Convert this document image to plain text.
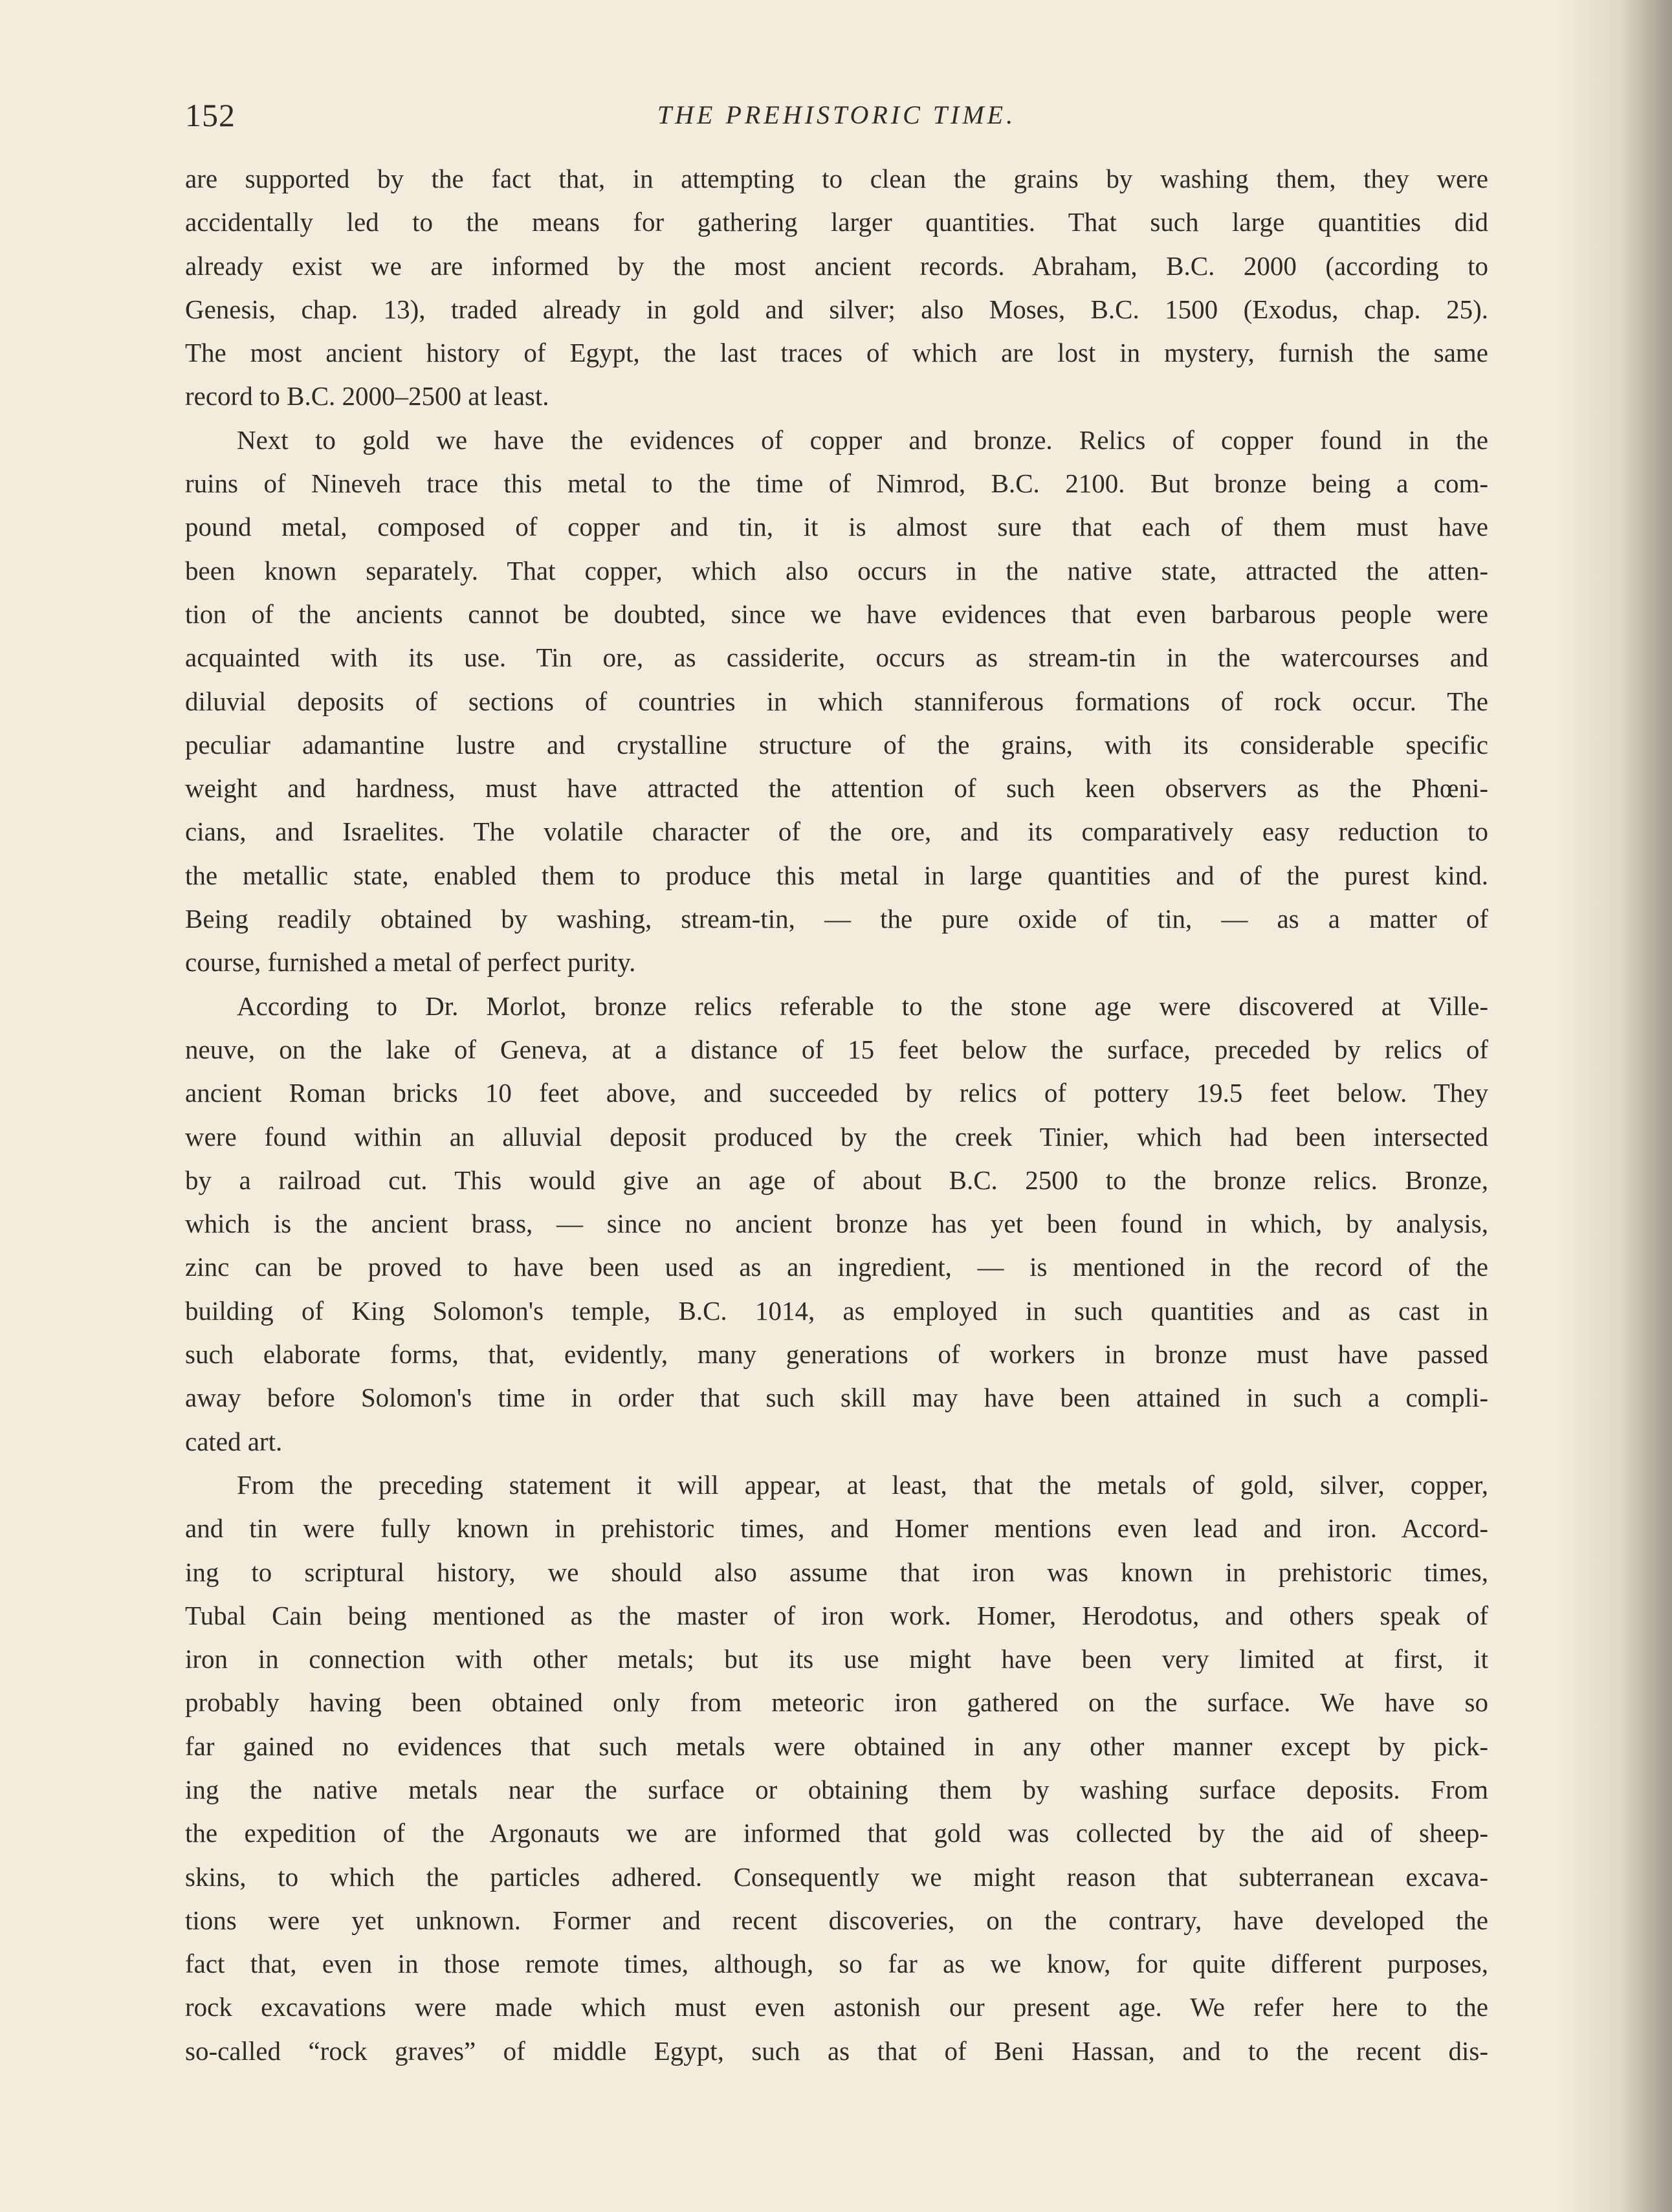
152	THE PREHISTORIC TIME.
are supported by the fact that, in attempting to clean the grains by washing them, they were
accidentally led to the means for gathering larger quantities. That such large quantities did
already exist we are informed by the most ancient records. Abraham, B.C. 2000 (according to
Genesis, chap. 13), traded already in gold and silver; also Moses, B.C. 1500 (Exodus, chap. 25).
The most ancient history of Egypt, the last traces of which are lost in mystery, furnish the same
record to B.C. 2000–2500 at least.
Next to gold we have the evidences of copper and bronze. Relics of copper found in the
ruins of Nineveh trace this metal to the time of Nimrod, B.C. 2100. But bronze being a com-
pound metal, composed of copper and tin, it is almost sure that each of them must have
been known separately. That copper, which also occurs in the native state, attracted the atten-
tion of the ancients cannot be doubted, since we have evidences that even barbarous people were
acquainted with its use. Tin ore, as cassiderite, occurs as stream-tin in the watercourses and
diluvial deposits of sections of countries in which stanniferous formations of rock occur. The
peculiar adamantine lustre and crystalline structure of the grains, with its considerable specific
weight and hardness, must have attracted the attention of such keen observers as the Phœni-
cians, and Israelites. The volatile character of the ore, and its comparatively easy reduction to
the metallic state, enabled them to produce this metal in large quantities and of the purest kind.
Being readily obtained by washing, stream-tin, — the pure oxide of tin, — as a matter of
course, furnished a metal of perfect purity.
According to Dr. Morlot, bronze relics referable to the stone age were discovered at Ville-
neuve, on the lake of Geneva, at a distance of 15 feet below the surface, preceded by relics of
ancient Roman bricks 10 feet above, and succeeded by relics of pottery 19.5 feet below. They
were found within an alluvial deposit produced by the creek Tinier, which had been intersected
by a railroad cut. This would give an age of about B.C. 2500 to the bronze relics. Bronze,
which is the ancient brass, — since no ancient bronze has yet been found in which, by analysis,
zinc can be proved to have been used as an ingredient, — is mentioned in the record of the
building of King Solomon's temple, B.C. 1014, as employed in such quantities and as cast in
such elaborate forms, that, evidently, many generations of workers in bronze must have passed
away before Solomon's time in order that such skill may have been attained in such a compli-
cated art.
From the preceding statement it will appear, at least, that the metals of gold, silver, copper,
and tin were fully known in prehistoric times, and Homer mentions even lead and iron. Accord-
ing to scriptural history, we should also assume that iron was known in prehistoric times,
Tubal Cain being mentioned as the master of iron work. Homer, Herodotus, and others speak of
iron in connection with other metals; but its use might have been very limited at first, it
probably having been obtained only from meteoric iron gathered on the surface. We have so
far gained no evidences that such metals were obtained in any other manner except by pick-
ing the native metals near the surface or obtaining them by washing surface deposits. From
the expedition of the Argonauts we are informed that gold was collected by the aid of sheep-
skins, to which the particles adhered. Consequently we might reason that subterranean excava-
tions were yet unknown. Former and recent discoveries, on the contrary, have developed the
fact that, even in those remote times, although, so far as we know, for quite different purposes,
rock excavations were made which must even astonish our present age. We refer here to the
so-called “rock graves” of middle Egypt, such as that of Beni Hassan, and to the recent dis-
